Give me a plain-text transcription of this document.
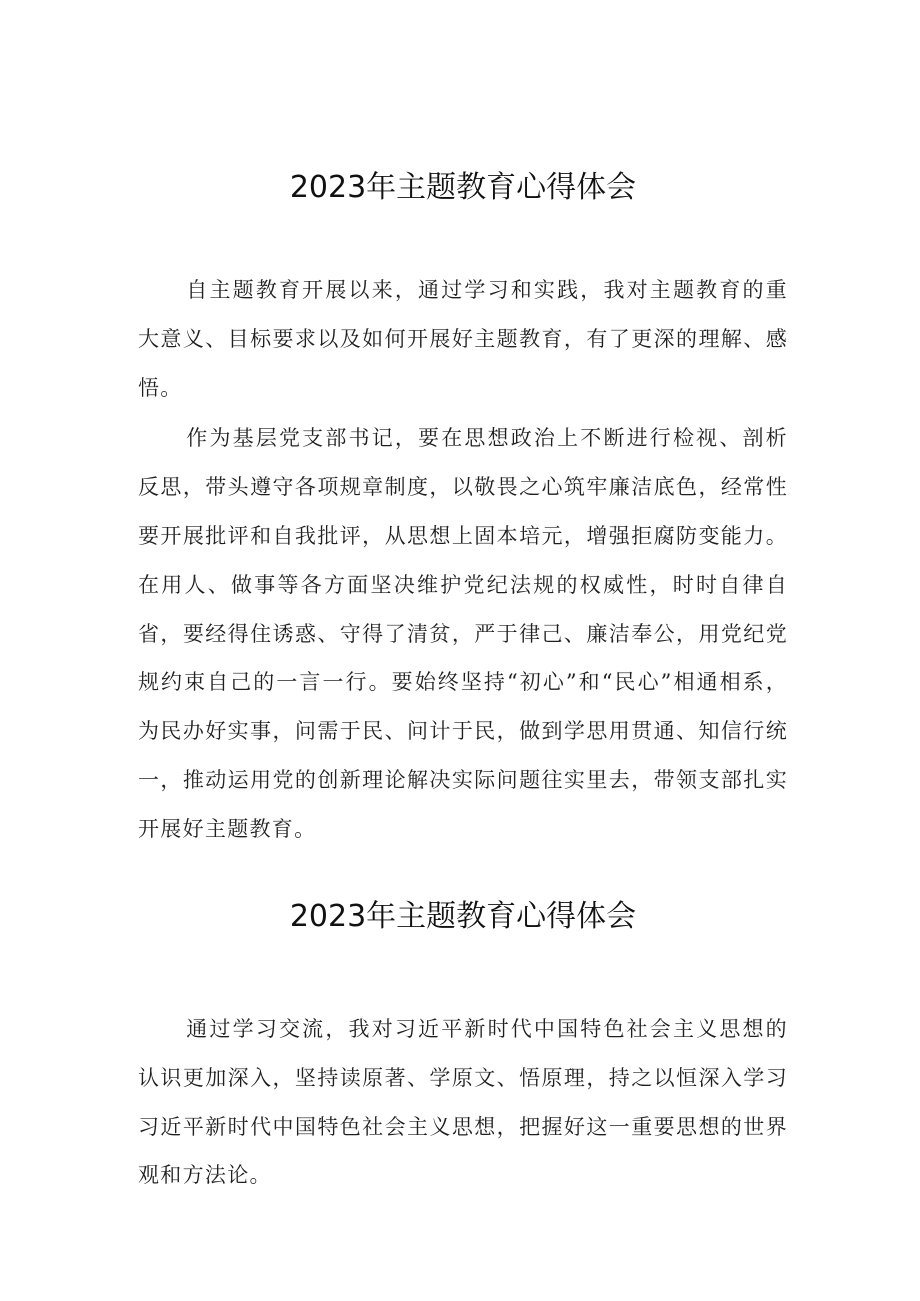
2023年主题教育心得体会

自主题教育开展以来，通过学习和实践，我对主题教育的重大意义、目标要求以及如何开展好主题教育，有了更深的理解、感悟。

作为基层党支部书记，要在思想政治上不断进行检视、剖析反思，带头遵守各项规章制度，以敬畏之心筑牢廉洁底色，经常性要开展批评和自我批评，从思想上固本培元，增强拒腐防变能力。在用人、做事等各方面坚决维护党纪法规的权威性，时时自律自省，要经得住诱惑、守得了清贫，严于律己、廉洁奉公，用党纪党规约束自己的一言一行。要始终坚持“初心”和“民心”相通相系，为民办好实事，问需于民、问计于民，做到学思用贯通、知信行统一，推动运用党的创新理论解决实际问题往实里去，带领支部扎实开展好主题教育。

2023年主题教育心得体会

通过学习交流，我对习近平新时代中国特色社会主义思想的认识更加深入，坚持读原著、学原文、悟原理，持之以恒深入学习习近平新时代中国特色社会主义思想，把握好这一重要思想的世界观和方法论。
